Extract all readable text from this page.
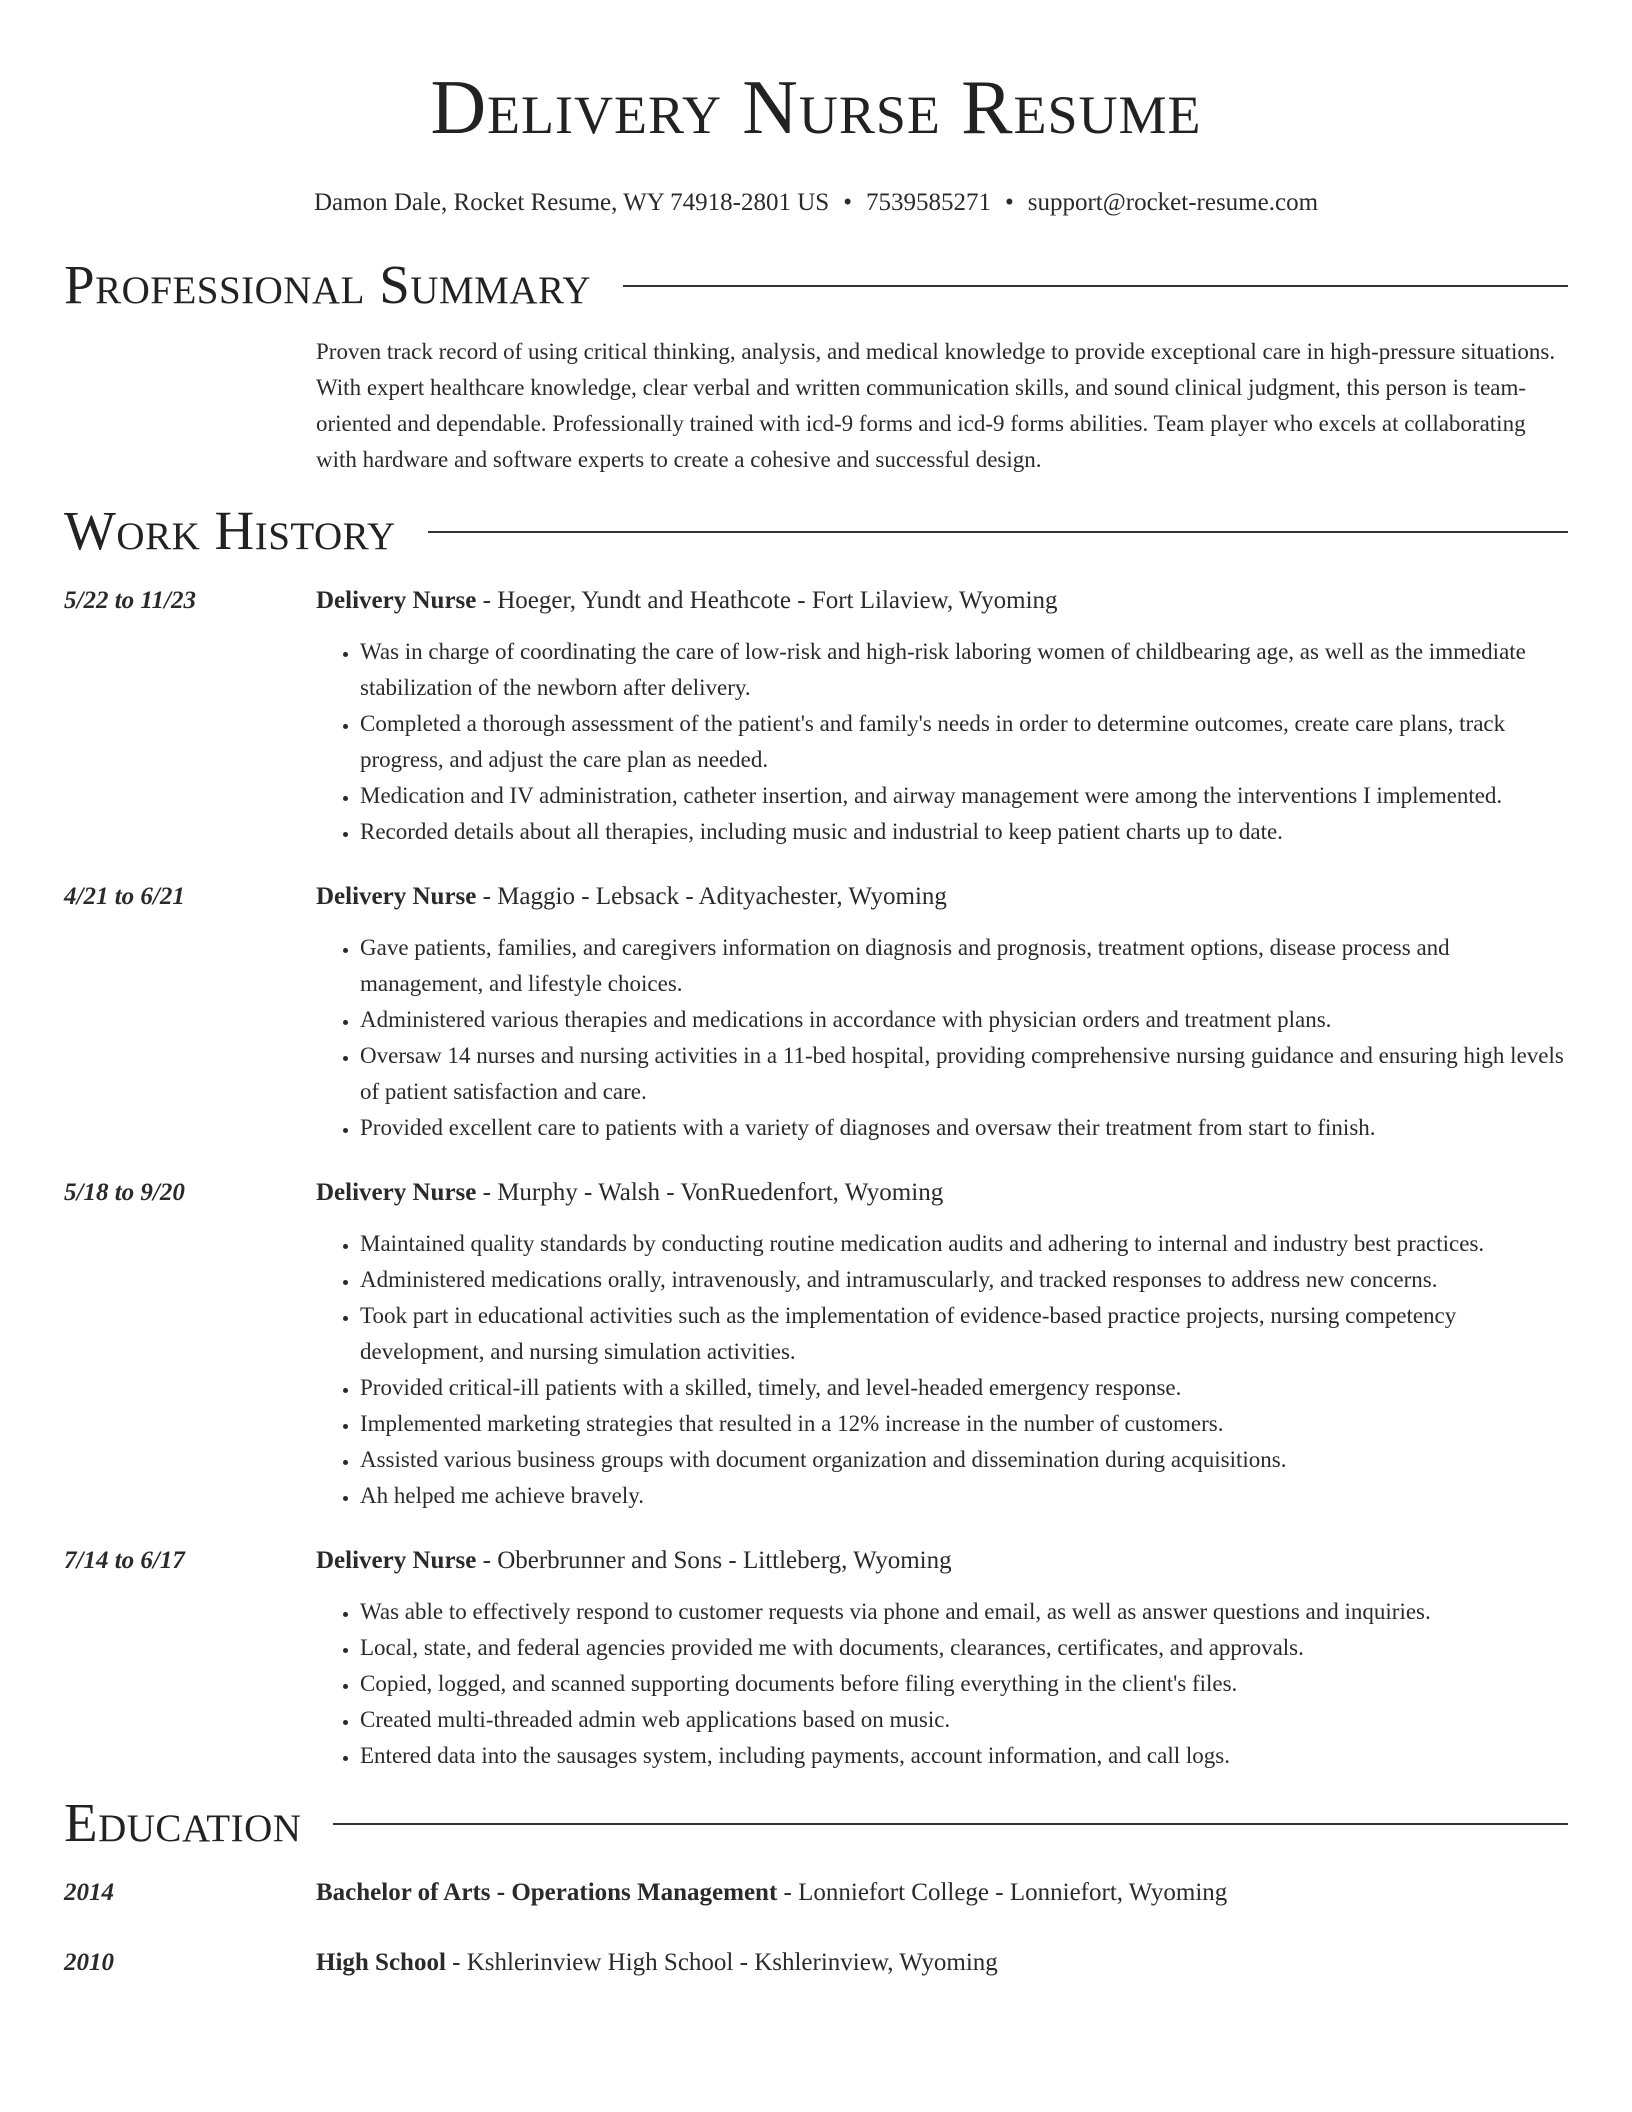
Delivery Nurse Resume
Damon Dale, Rocket Resume, WY 74918-2801 US • 7539585271 • support@rocket-resume.com
Professional Summary
Proven track record of using critical thinking, analysis, and medical knowledge to provide exceptional care in high-pressure situations. With expert healthcare knowledge, clear verbal and written communication skills, and sound clinical judgment, this person is team-oriented and dependable. Professionally trained with icd-9 forms and icd-9 forms abilities. Team player who excels at collaborating with hardware and software experts to create a cohesive and successful design.
Work History
5/22 to 11/23	Delivery Nurse - Hoeger, Yundt and Heathcote - Fort Lilaview, Wyoming
• Was in charge of coordinating the care of low-risk and high-risk laboring women of childbearing age, as well as the immediate stabilization of the newborn after delivery.
• Completed a thorough assessment of the patient's and family's needs in order to determine outcomes, create care plans, track progress, and adjust the care plan as needed.
• Medication and IV administration, catheter insertion, and airway management were among the interventions I implemented.
• Recorded details about all therapies, including music and industrial to keep patient charts up to date.
4/21 to 6/21	Delivery Nurse - Maggio - Lebsack - Adityachester, Wyoming
• Gave patients, families, and caregivers information on diagnosis and prognosis, treatment options, disease process and management, and lifestyle choices.
• Administered various therapies and medications in accordance with physician orders and treatment plans.
• Oversaw 14 nurses and nursing activities in a 11-bed hospital, providing comprehensive nursing guidance and ensuring high levels of patient satisfaction and care.
• Provided excellent care to patients with a variety of diagnoses and oversaw their treatment from start to finish.
5/18 to 9/20	Delivery Nurse - Murphy - Walsh - VonRuedenfort, Wyoming
• Maintained quality standards by conducting routine medication audits and adhering to internal and industry best practices.
• Administered medications orally, intravenously, and intramuscularly, and tracked responses to address new concerns.
• Took part in educational activities such as the implementation of evidence-based practice projects, nursing competency development, and nursing simulation activities.
• Provided critical-ill patients with a skilled, timely, and level-headed emergency response.
• Implemented marketing strategies that resulted in a 12% increase in the number of customers.
• Assisted various business groups with document organization and dissemination during acquisitions.
• Ah helped me achieve bravely.
7/14 to 6/17	Delivery Nurse - Oberbrunner and Sons - Littleberg, Wyoming
• Was able to effectively respond to customer requests via phone and email, as well as answer questions and inquiries.
• Local, state, and federal agencies provided me with documents, clearances, certificates, and approvals.
• Copied, logged, and scanned supporting documents before filing everything in the client's files.
• Created multi-threaded admin web applications based on music.
• Entered data into the sausages system, including payments, account information, and call logs.
Education
2014	Bachelor of Arts - Operations Management - Lonniefort College - Lonniefort, Wyoming
2010	High School - Kshlerinview High School - Kshlerinview, Wyoming
